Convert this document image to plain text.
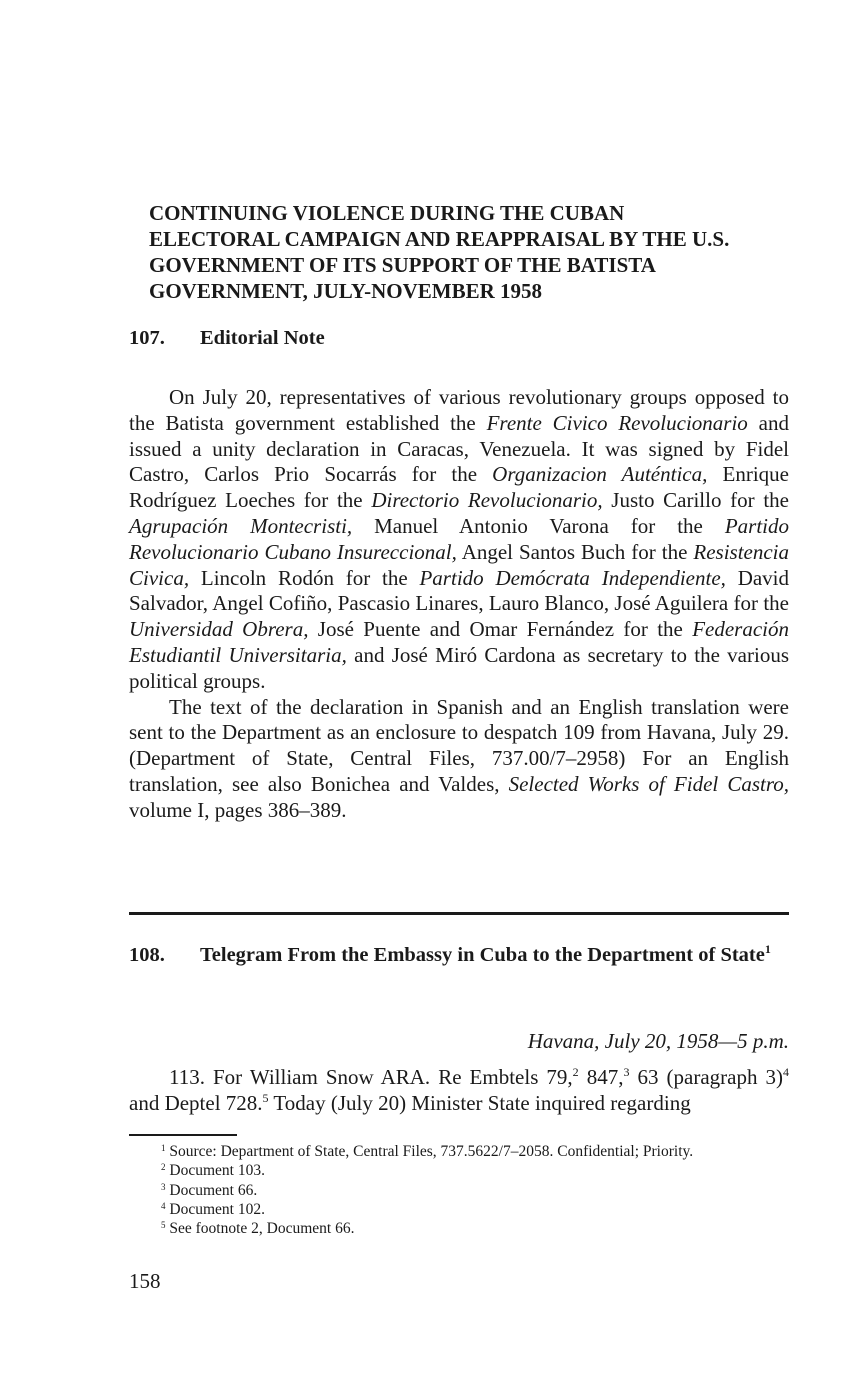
CONTINUING VIOLENCE DURING THE CUBAN
ELECTORAL CAMPAIGN AND REAPPRAISAL BY THE U.S.
GOVERNMENT OF ITS SUPPORT OF THE BATISTA
GOVERNMENT, JULY-NOVEMBER 1958
107. Editorial Note

On July 20, representatives of various revolutionary groups opposed to the Batista government established the Frente Civico Revolucionario and issued a unity declaration in Caracas, Venezuela. It was signed by Fidel Castro, Carlos Prio Socarrás for the Organizacion Auténtica, Enrique Rodríguez Loeches for the Directorio Revolucionario, Justo Carillo for the Agrupación Montecristi, Manuel Antonio Varona for the Partido Revolucionario Cubano Insureccional, Angel Santos Buch for the Resistencia Civica, Lincoln Rodón for the Partido Demócrata Independiente, David Salvador, Angel Cofiño, Pascasio Linares, Lauro Blanco, José Aguilera for the Universidad Obrera, José Puente and Omar Fernández for the Federación Estudiantil Universitaria, and José Miró Cardona as secretary to the various political groups.

The text of the declaration in Spanish and an English translation were sent to the Department as an enclosure to despatch 109 from Havana, July 29. (Department of State, Central Files, 737.00/7–2958) For an English translation, see also Bonichea and Valdes, Selected Works of Fidel Castro, volume I, pages 386–389.

108. Telegram From the Embassy in Cuba to the Department of State$^1$
Havana, July 20, 1958—5 p.m.

113. For William Snow ARA. Re Embtels 79,$^2$ 847,$^3$ 63 (paragraph 3)$^4$ and Deptel 728.$^5$ Today (July 20) Minister State inquired regarding

$^1$ Source: Department of State, Central Files, 737.5622/7–2058. Confidential; Priority.
$^2$ Document 103.
$^3$ Document 66.
$^4$ Document 102.
$^5$ See footnote 2, Document 66.
158
